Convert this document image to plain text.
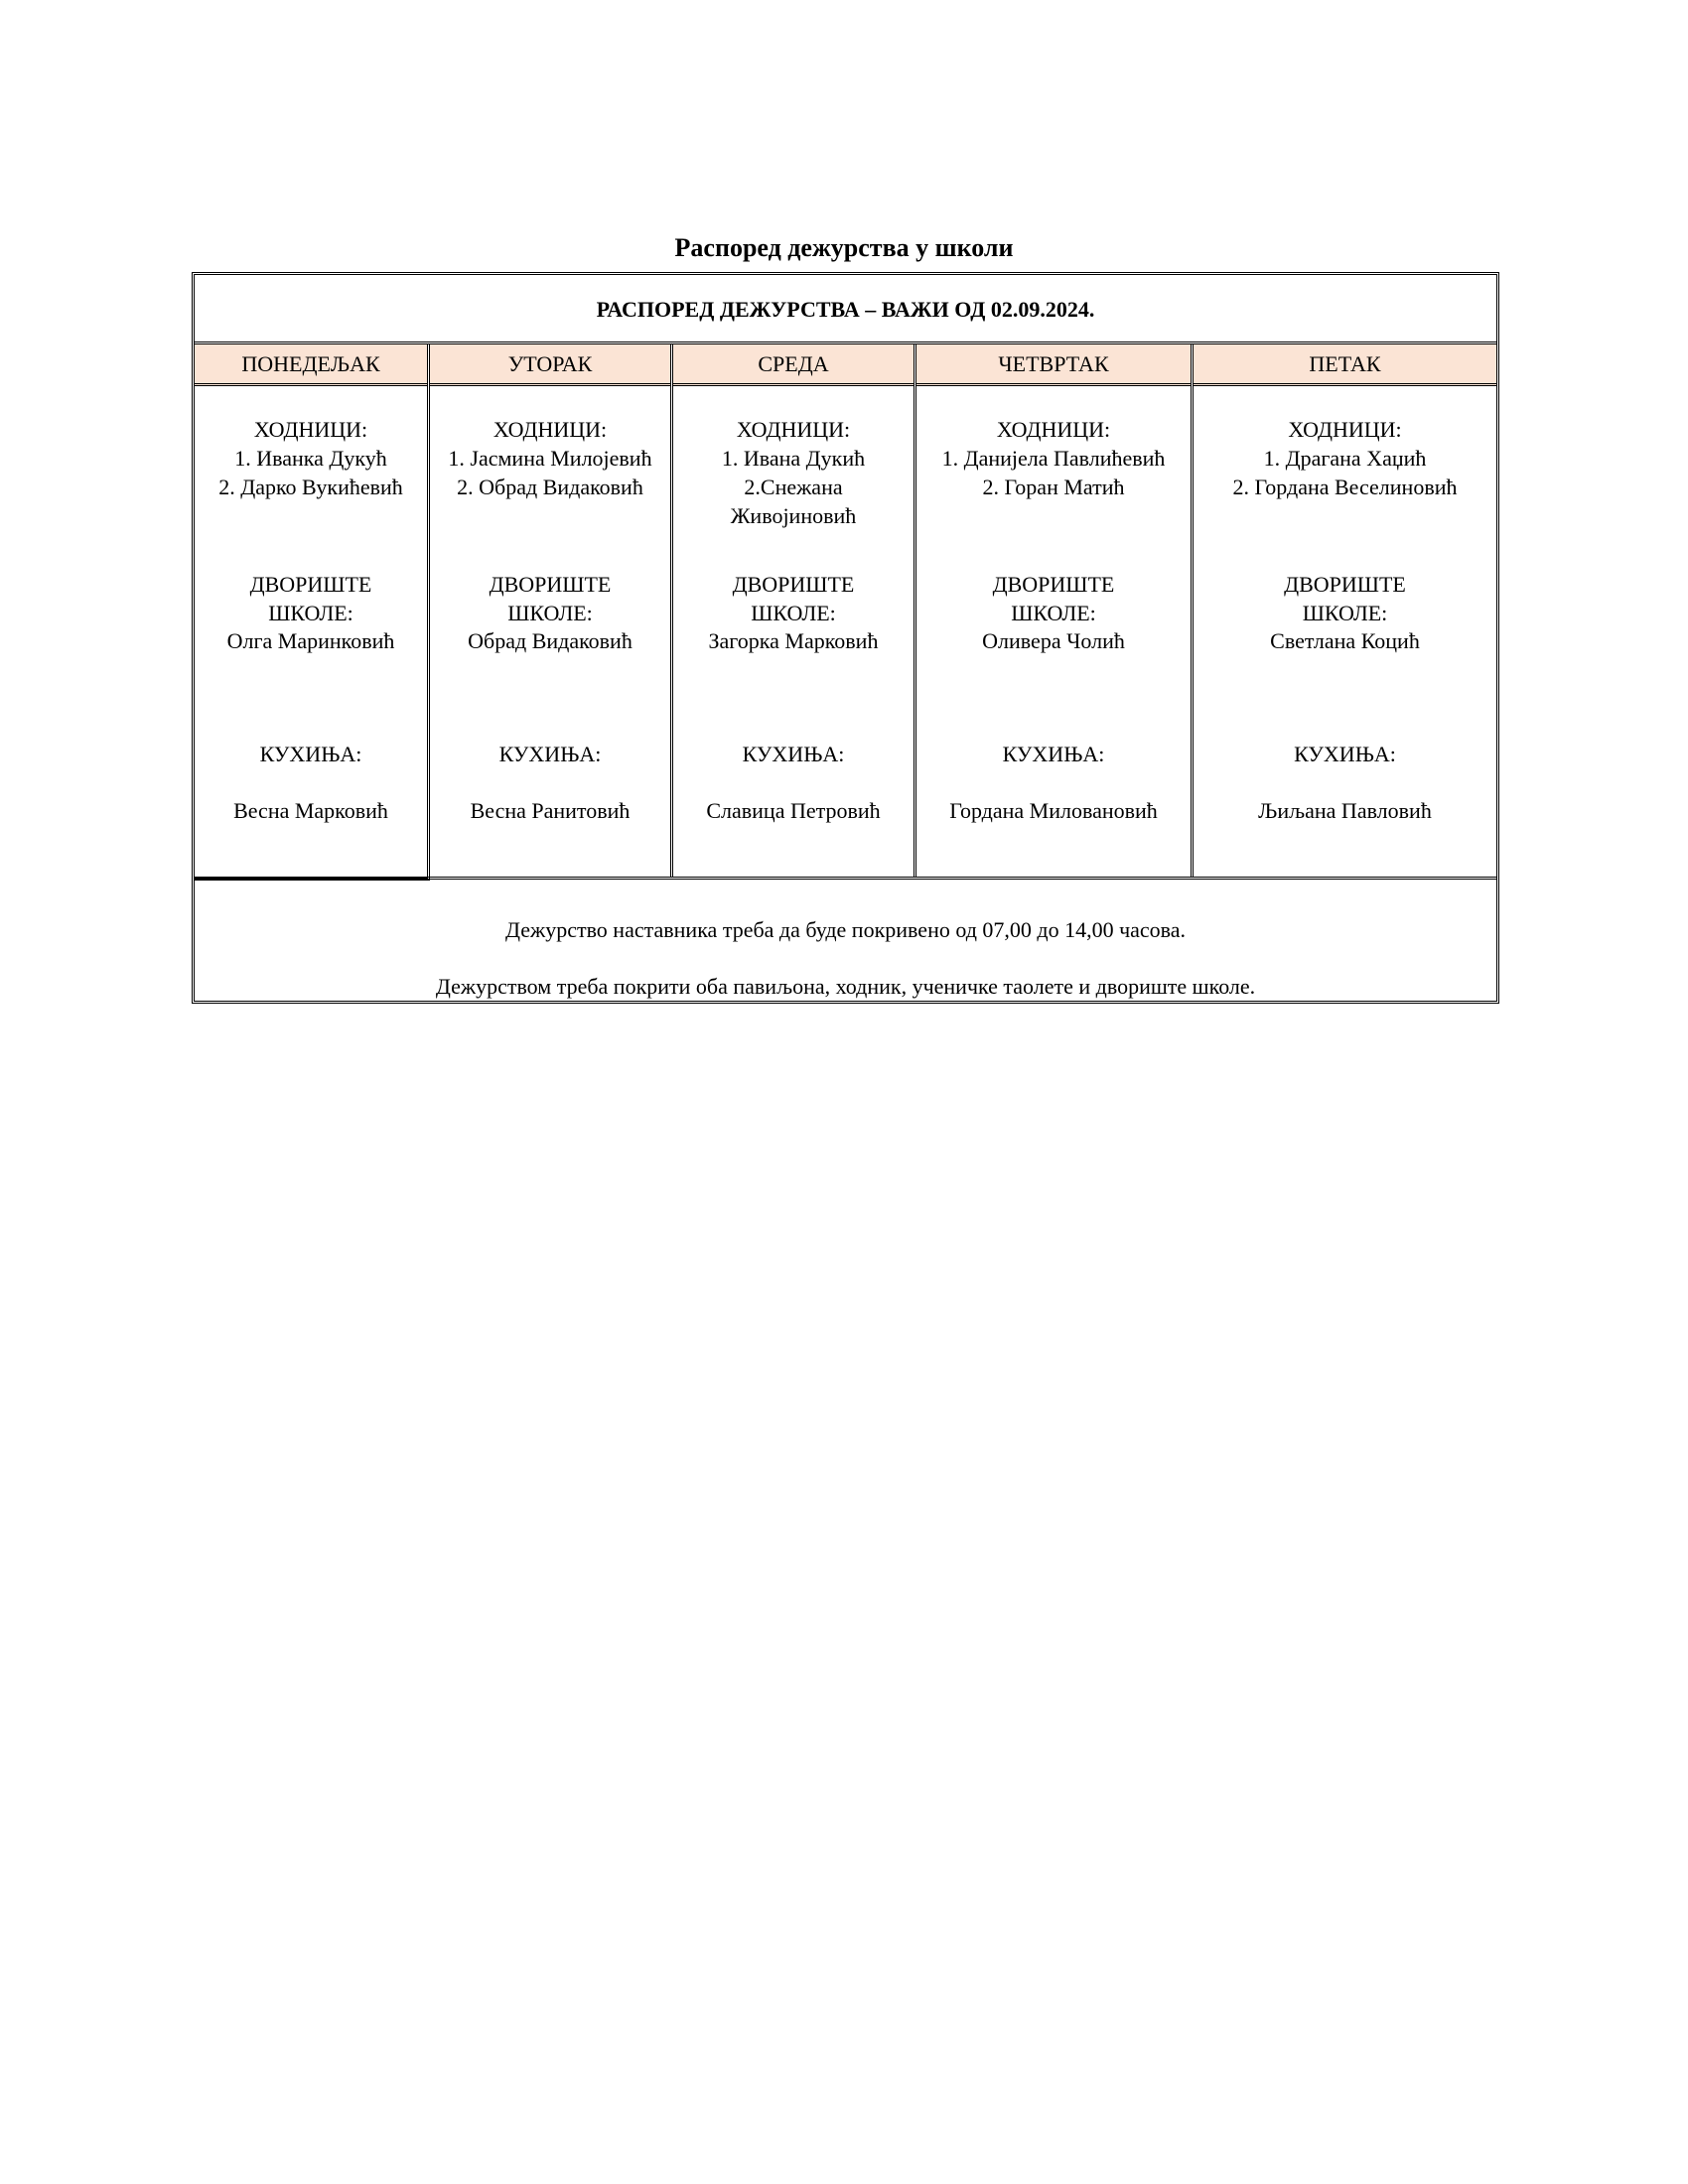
Распоред дежурства у школи
РАСПОРЕД ДЕЖУРСТВА – ВАЖИ ОД 02.09.2024.
ПОНЕДЕЉАК
ХОДНИЦИ:
1. Иванка Дукућ
2. Дарко Вукићевић
ДВОРИШТЕ
ШКОЛЕ:
Олга Маринковић
КУХИЊА:
Весна Марковић
УТОРАК
ХОДНИЦИ:
1. Јасмина Милојевић
2. Обрад Видаковић
ДВОРИШТЕ
ШКОЛЕ:
Обрад Видаковић
КУХИЊА:
Весна Ранитовић
СРЕДА
ХОДНИЦИ:
1. Ивана Дукић
2.Снежана
Живојиновић
ДВОРИШТЕ
ШКОЛЕ:
Загорка Марковић
КУХИЊА:
Славица Петровић
ЧЕТВРТАК
ХОДНИЦИ:
1. Данијела Павлићевић
2. Горан Матић
ДВОРИШТЕ
ШКОЛЕ:
Оливера Чолић
КУХИЊА:
Гордана Миловановић
ПЕТАК
ХОДНИЦИ:
1. Драгана Хаџић
2. Гордана Веселиновић
ДВОРИШТЕ
ШКОЛЕ:
Светлана Коцић
КУХИЊА:
Љиљана Павловић
Дежурство наставника треба да буде покривено од 07,00 до 14,00 часова.
Дежурством треба покрити оба павиљона, ходник, ученичке таолете и двориште школе.
